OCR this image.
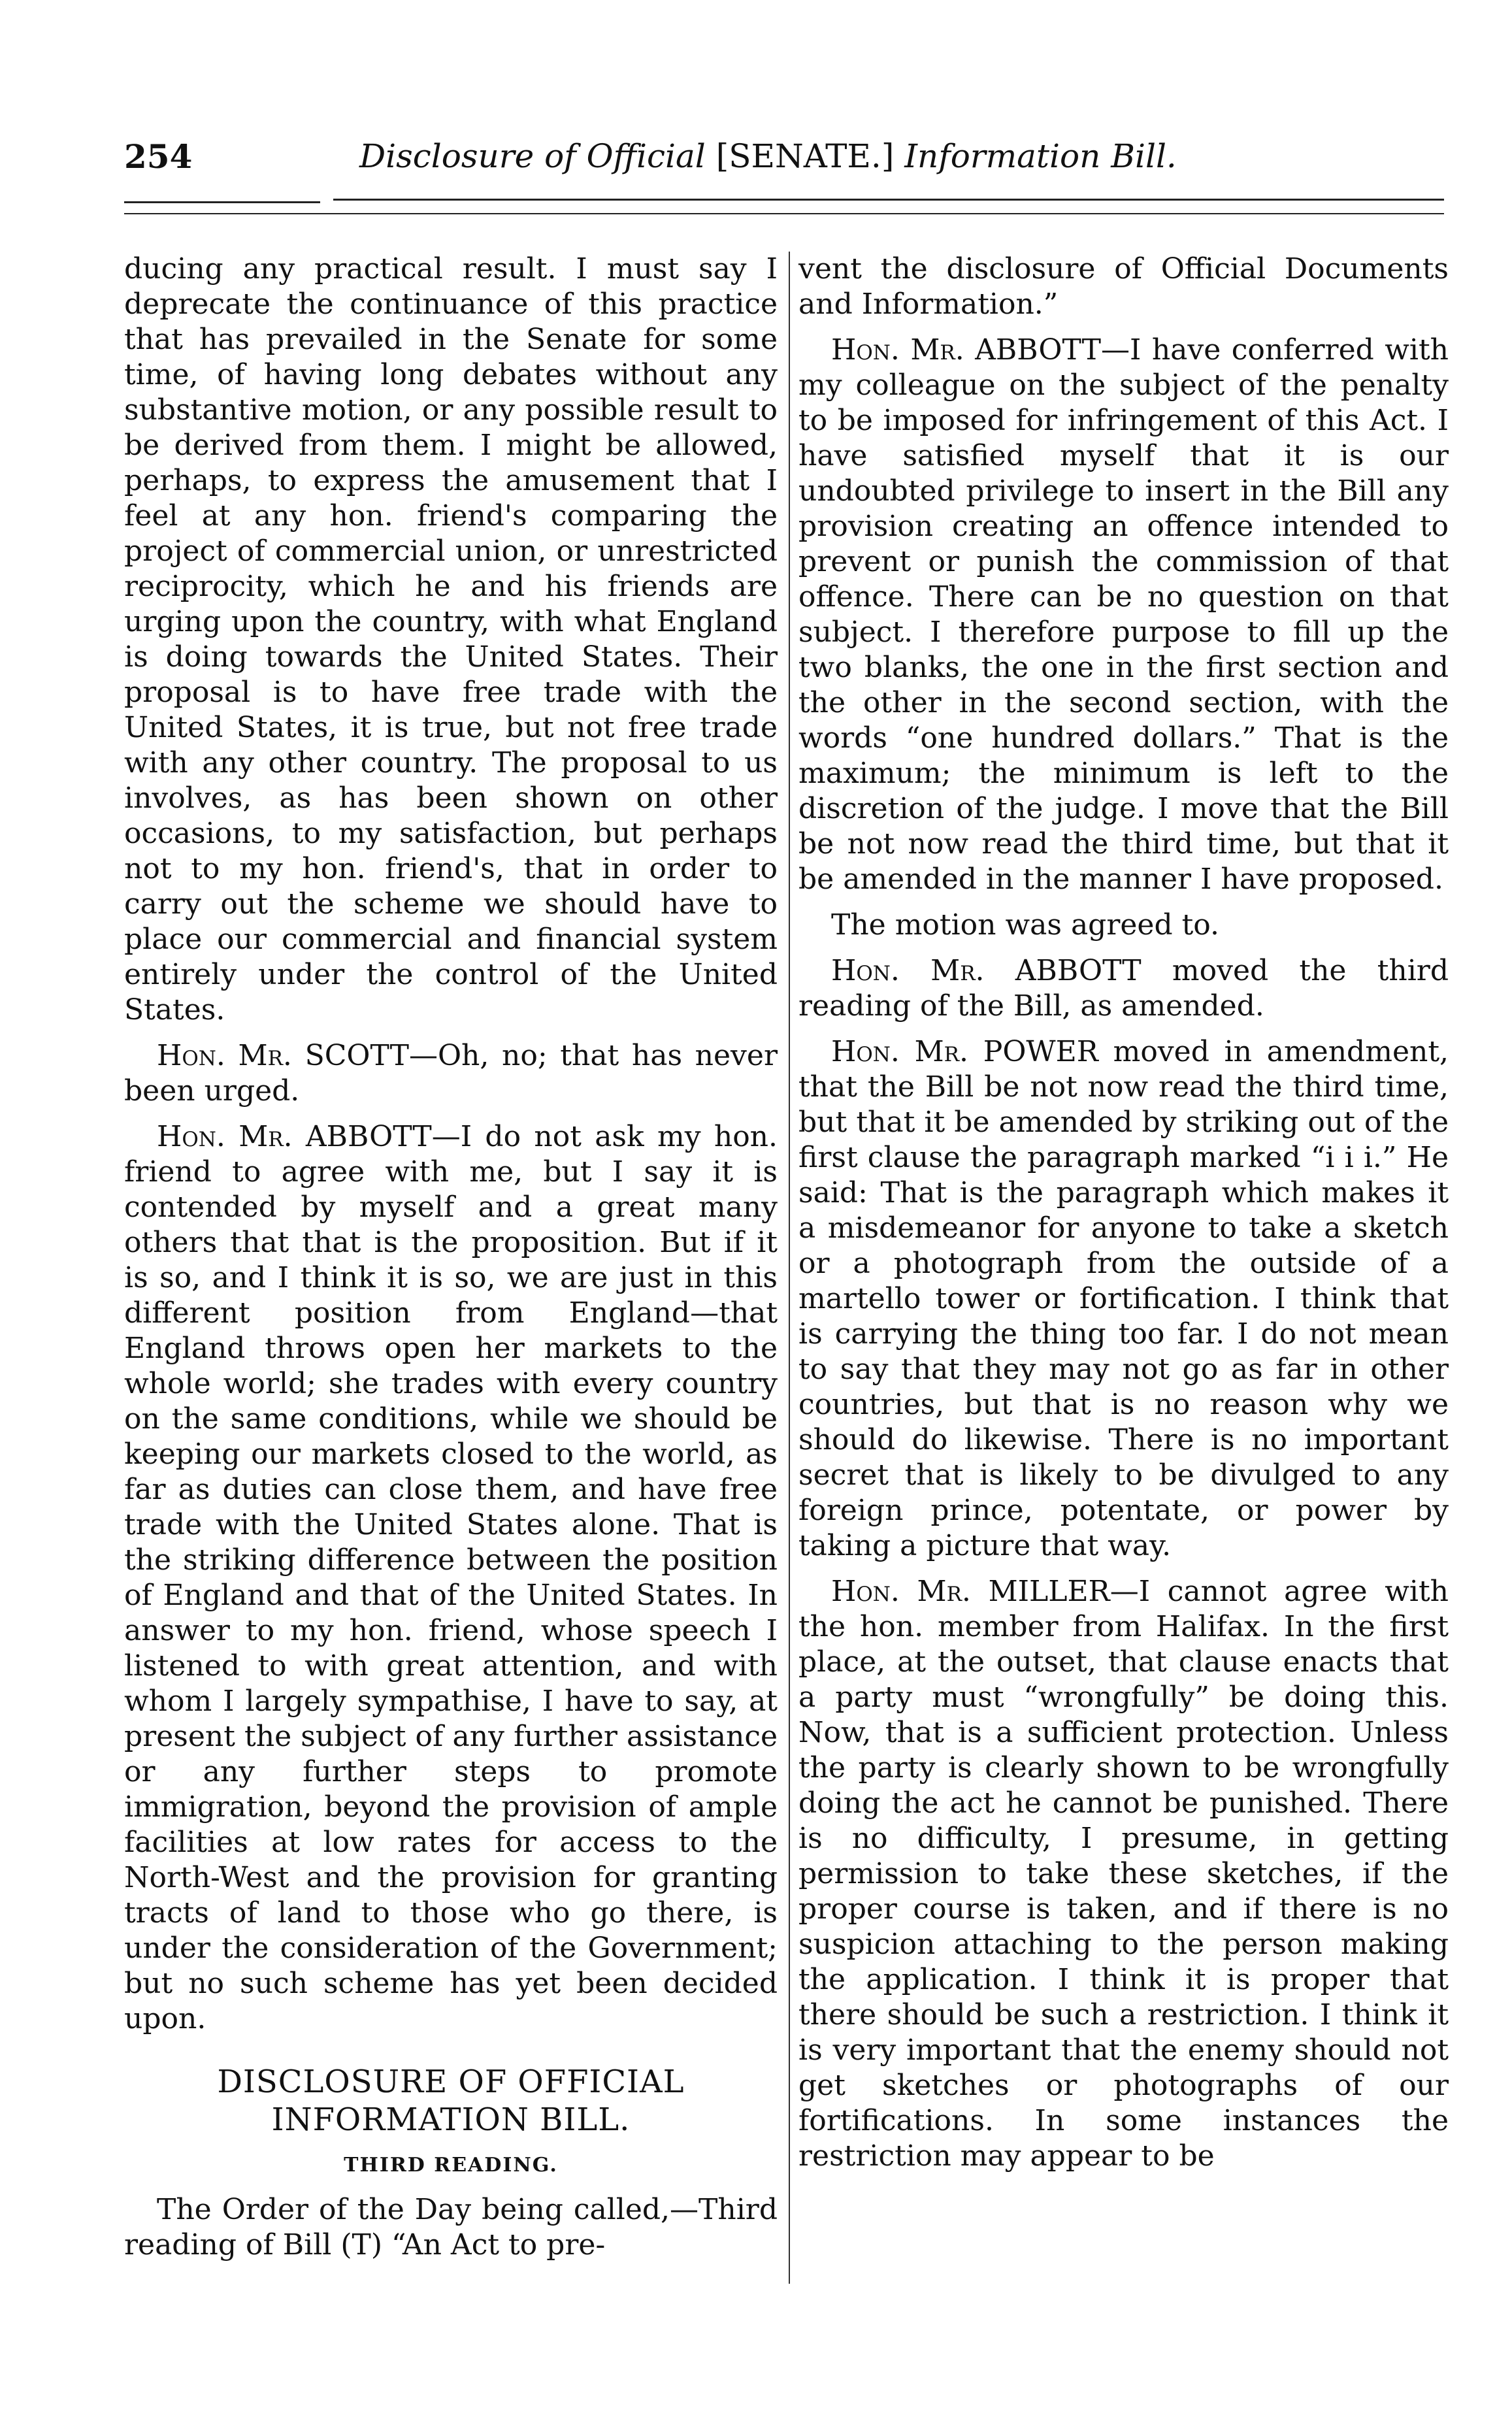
254	Disclosure of Official [SENATE.] Information Bill.

ducing any practical result. I must say I deprecate the continuance of this practice that has prevailed in the Senate for some time, of having long debates without any substantive motion, or any possible result to be derived from them. I might be allowed, perhaps, to express the amusement that I feel at any hon. friend's comparing the project of commercial union, or unrestricted reciprocity, which he and his friends are urging upon the country, with what England is doing towards the United States. Their proposal is to have free trade with the United States, it is true, but not free trade with any other country. The proposal to us involves, as has been shown on other occasions, to my satisfaction, but perhaps not to my hon. friend's, that in order to carry out the scheme we should have to place our commercial and financial system entirely under the control of the United States.

Hon. Mr. SCOTT—Oh, no; that has never been urged.

Hon. Mr. ABBOTT—I do not ask my hon. friend to agree with me, but I say it is contended by myself and a great many others that that is the proposition. But if it is so, and I think it is so, we are just in this different position from England—that England throws open her markets to the whole world; she trades with every country on the same conditions, while we should be keeping our markets closed to the world, as far as duties can close them, and have free trade with the United States alone. That is the striking difference between the position of England and that of the United States. In answer to my hon. friend, whose speech I listened to with great attention, and with whom I largely sympathise, I have to say, at present the subject of any further assistance or any further steps to promote immigration, beyond the provision of ample facilities at low rates for access to the North-West and the provision for granting tracts of land to those who go there, is under the consideration of the Government; but no such scheme has yet been decided upon.

DISCLOSURE OF OFFICIAL INFORMATION BILL.
THIRD READING.

The Order of the Day being called,—Third reading of Bill (T) “An Act to pre-

vent the disclosure of Official Documents and Information.”

Hon. Mr. ABBOTT—I have conferred with my colleague on the subject of the penalty to be imposed for infringement of this Act. I have satisfied myself that it is our undoubted privilege to insert in the Bill any provision creating an offence intended to prevent or punish the commission of that offence. There can be no question on that subject. I therefore purpose to fill up the two blanks, the one in the first section and the other in the second section, with the words “one hundred dollars.” That is the maximum; the minimum is left to the discretion of the judge. I move that the Bill be not now read the third time, but that it be amended in the manner I have proposed.

The motion was agreed to.

Hon. Mr. ABBOTT moved the third reading of the Bill, as amended.

Hon. Mr. POWER moved in amendment, that the Bill be not now read the third time, but that it be amended by striking out of the first clause the paragraph marked “i i i.” He said: That is the paragraph which makes it a misdemeanor for anyone to take a sketch or a photograph from the outside of a martello tower or fortification. I think that is carrying the thing too far. I do not mean to say that they may not go as far in other countries, but that is no reason why we should do likewise. There is no important secret that is likely to be divulged to any foreign prince, potentate, or power by taking a picture that way.

Hon. Mr. MILLER—I cannot agree with the hon. member from Halifax. In the first place, at the outset, that clause enacts that a party must “wrongfully” be doing this. Now, that is a sufficient protection. Unless the party is clearly shown to be wrongfully doing the act he cannot be punished. There is no difficulty, I presume, in getting permission to take these sketches, if the proper course is taken, and if there is no suspicion attaching to the person making the application. I think it is proper that there should be such a restriction. I think it is very important that the enemy should not get sketches or photographs of our fortifications. In some instances the restriction may appear to be
